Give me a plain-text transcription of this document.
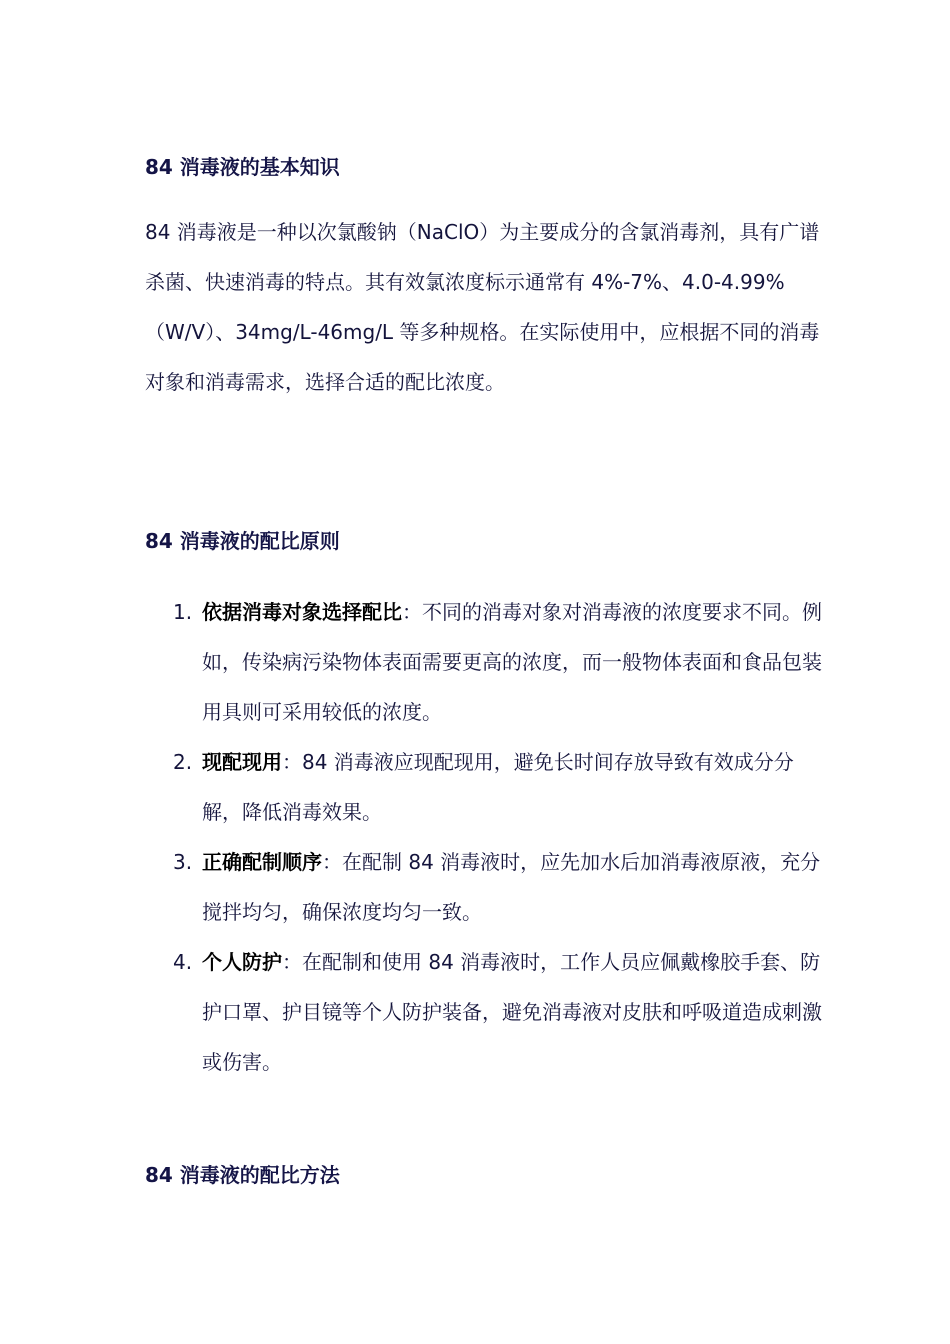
84 消毒液的基本知识

84 消毒液是一种以次氯酸钠（NaClO）为主要成分的含氯消毒剂，具有广谱杀菌、快速消毒的特点。其有效氯浓度标示通常有 4%-7%、4.0-4.99%（W/V）、34mg/L-46mg/L 等多种规格。在实际使用中，应根据不同的消毒对象和消毒需求，选择合适的配比浓度。

84 消毒液的配比原则
1. 依据消毒对象选择配比：不同的消毒对象对消毒液的浓度要求不同。例如，传染病污染物体表面需要更高的浓度，而一般物体表面和食品包装用具则可采用较低的浓度。
2. 现配现用：84 消毒液应现配现用，避免长时间存放导致有效成分分解，降低消毒效果。
3. 正确配制顺序：在配制 84 消毒液时，应先加水后加消毒液原液，充分搅拌均匀，确保浓度均匀一致。
4. 个人防护：在配制和使用 84 消毒液时，工作人员应佩戴橡胶手套、防护口罩、护目镜等个人防护装备，避免消毒液对皮肤和呼吸道造成刺激或伤害。
84 消毒液的配比方法
